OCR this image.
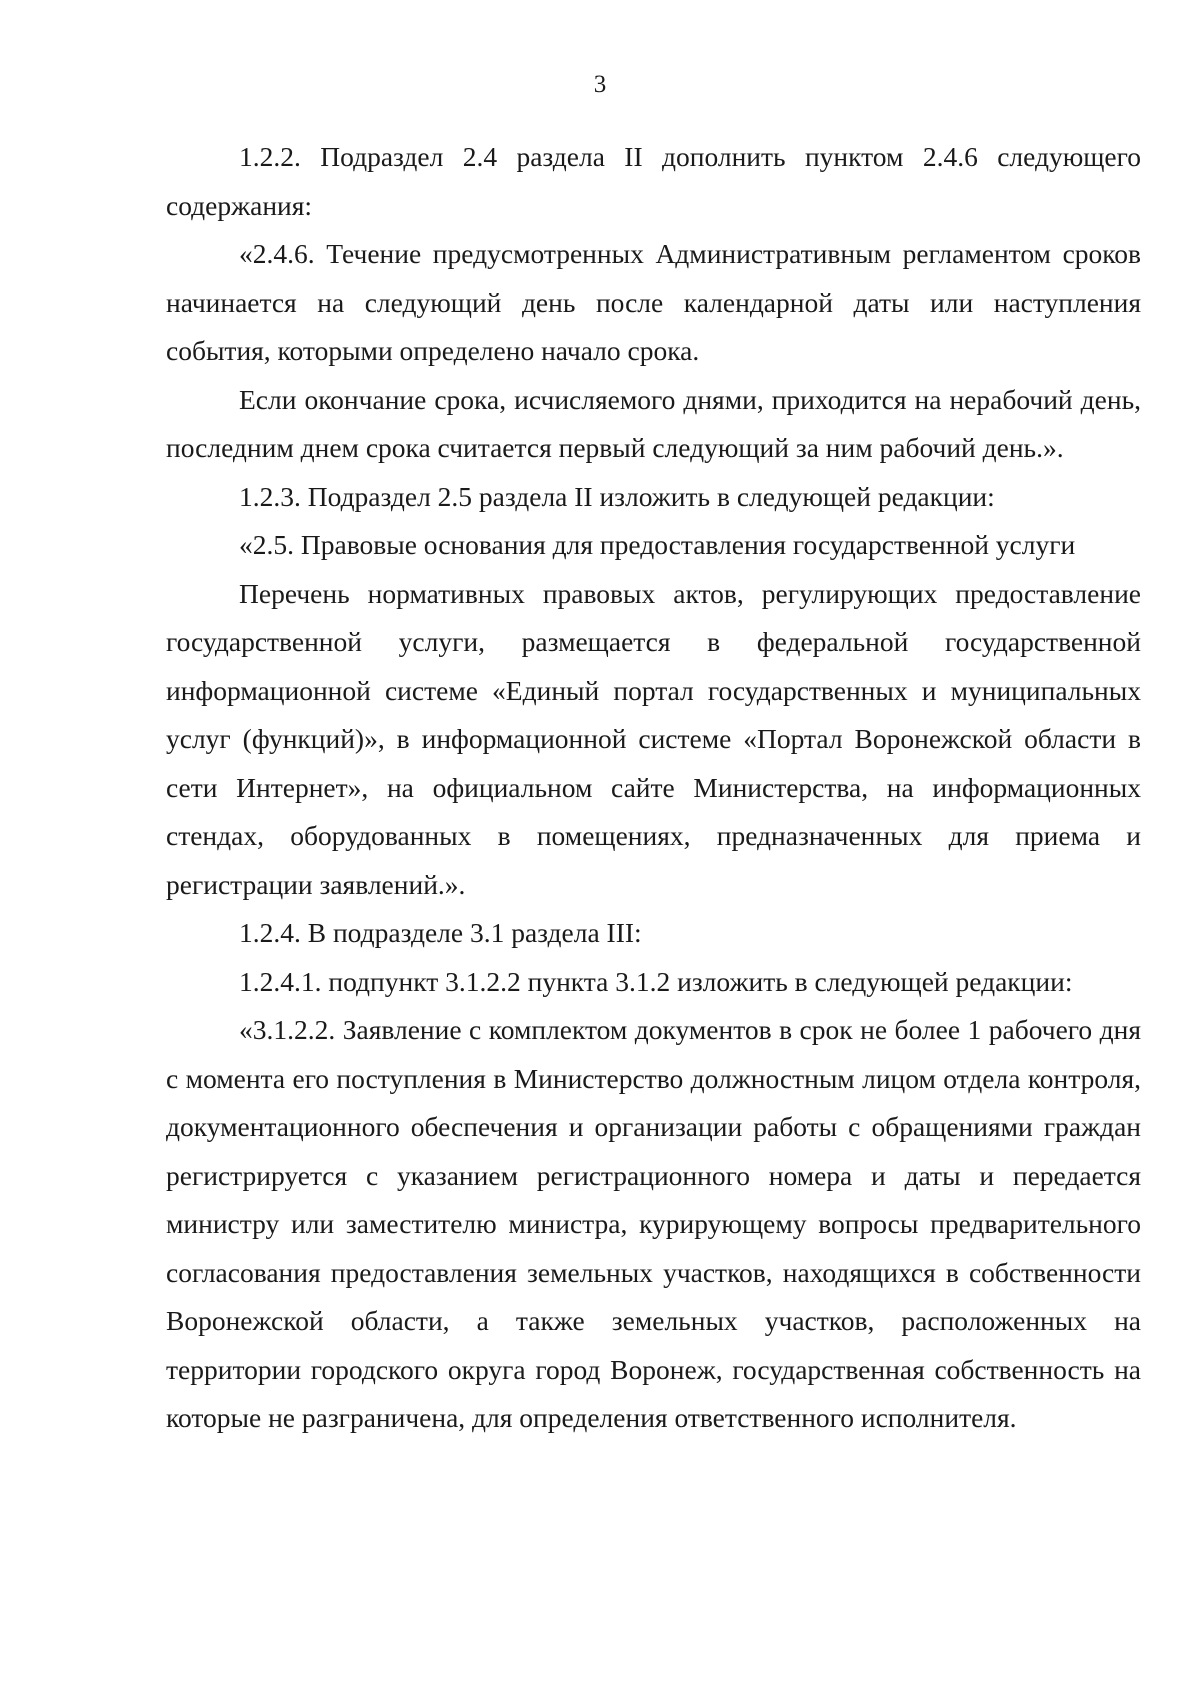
3

1.2.2. Подраздел 2.4 раздела II дополнить пунктом 2.4.6 следующего содержания:

«2.4.6. Течение предусмотренных Административным регламентом сроков начинается на следующий день после календарной даты или наступления события, которыми определено начало срока.

Если окончание срока, исчисляемого днями, приходится на нерабочий день, последним днем срока считается первый следующий за ним рабочий день.».

1.2.3. Подраздел 2.5 раздела II изложить в следующей редакции:

«2.5. Правовые основания для предоставления государственной услуги

Перечень нормативных правовых актов, регулирующих предоставление государственной услуги, размещается в федеральной государственной информационной системе «Единый портал государственных и муниципальных услуг (функций)», в информационной системе «Портал Воронежской области в сети Интернет», на официальном сайте Министерства, на информационных стендах, оборудованных в помещениях, предназначенных для приема и регистрации заявлений.».

1.2.4. В подразделе 3.1 раздела III:

1.2.4.1. подпункт 3.1.2.2 пункта 3.1.2 изложить в следующей редакции:

«3.1.2.2. Заявление с комплектом документов в срок не более 1 рабочего дня с момента его поступления в Министерство должностным лицом отдела контроля, документационного обеспечения и организации работы с обращениями граждан регистрируется с указанием регистрационного номера и даты и передается министру или заместителю министра, курирующему вопросы предварительного согласования предоставления земельных участков, находящихся в собственности Воронежской области, а также земельных участков, расположенных на территории городского округа город Воронеж, государственная собственность на которые не разграничена, для определения ответственного исполнителя.
